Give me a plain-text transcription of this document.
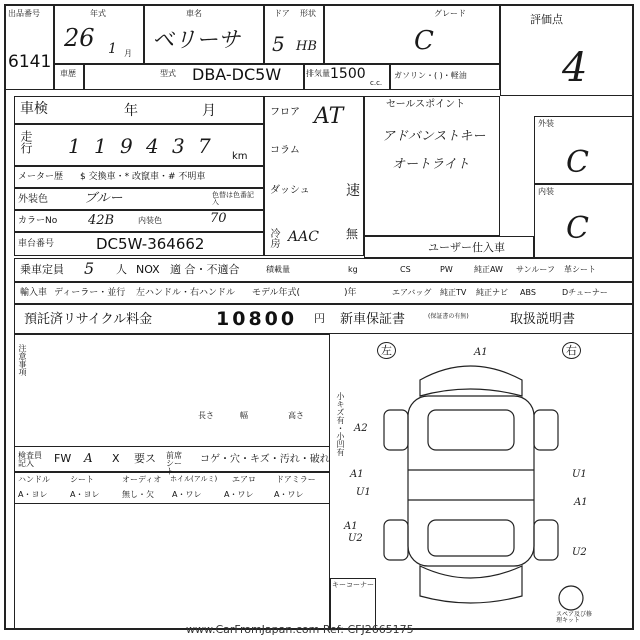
出品番号
6141
年式
26 1 月
車名
ベリーサ
ドア 形状
5 HB
グレード
C
評価点
4
車歴	型式 DBA-DC5W	排気量 1500
c.c.
ガソリン・( )・軽油
車検	年	月
走行 1 1 9 4 3 7 km
メーター歴 $ 交換車・* 改竄車・# 不明車
外装色	ブルー	色替は色番記入
カラーNo 42B	内装色	70
車台番号	DC5W-364662
フロア AT
コラム
ダッシュ	速
冷房 AAC 無
セールスポイント
アドバンストキー
オートライト
外装
C
内装
C
ユーザー仕入車
乗車定員 5 人 NOX 適 合・不適合	積載量	kg	CS	PW	純正AW サンルーフ 革シート
輸入車 ディーラー・並行 左ハンドル・右ハンドル モデル年式(	)年	エアバッグ 純正TV 純正ナビ ABS	Dチューナー
預託済リサイクル料金	10800 円 新車保証書	(保証書の有無)	取扱説明書
注意事項
長さ	幅	高さ
検査員記入	FW A X 要ス 前席シート
コゲ・穴・キズ・汚れ・破れ
ハンドル	シート	オーディオ ホイル(アルミ) エアロ	ドアミラー
A・ヨレ	A・ヨレ	無し・欠 A・ワレ	A・ワレ	A・ワレ
左	右
小キズ有・小凹有
A1
A2
A1
U1
U1
A1
U2
A1
U2
キーコーナー
スペア及び修理キット
www.CarFromJapan.com Ref: CFJ2665175
